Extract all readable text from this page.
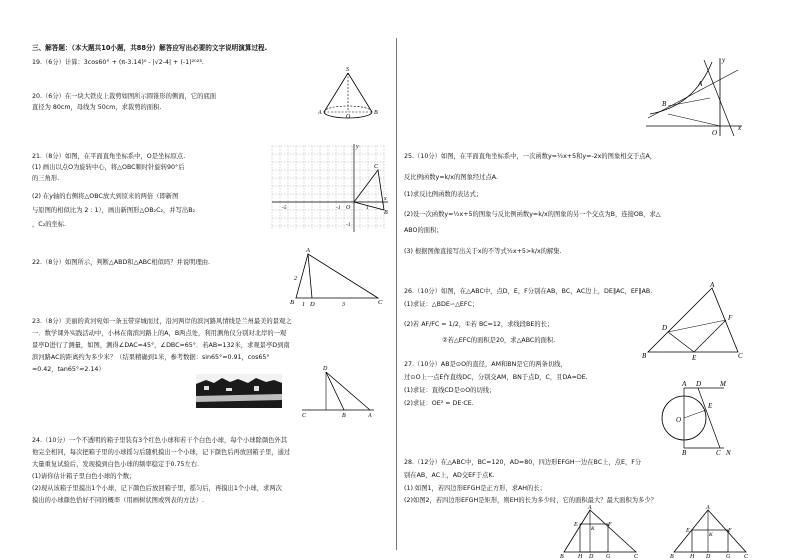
三、解答题：（本大题共10小题，共88分）解答应写出必要的文字说明演算过程.
19.（6分）计算：3cos60° + (π-3.14)⁰ - |√2-4| + (-1)²⁰²³.
20.（6分）在一块大铁皮上裁剪如图所示圆锥形的侧面，它的底面
直径为 80cm，母线为 50cm，求裁剪的面积.
S
A
O
B
21.（8分）如图，在平面直角坐标系中，O是坐标原点.
(1) 画出以点O为旋转中心，将△OBC顺时针旋转90°后
的三角形.
(2) 在y轴的右侧将△OBC放大到原来的两倍（即新图
与原图的相似比为 2 : 1），画出新图形△OB₂C₂，并写出B₂
，C₂的坐标.
y
x
C
B
O
-5	-1	1
-1
22.（8分）如图所示，判断△ABD和△ABC相似吗？并说明理由.
A
B D	C
2
1	3
23.（8分）美丽的黄河宛如一条玉带穿城而过，沿河两岸的滨河路风情线是兰州最美的景观之
一．数学课外实践活动中，小林在南滨河路上的A，B两点处，利用测角仪分别对北岸的一观
景亭D进行了测量，如图，测得∠DAC=45°，∠DBC=65°．若AB=132米，求观景亭D到南
滨河路AC的距离约为多少米？（结果精确到1米，参考数据：sin65°≈0.91，cos65°
≈0.42，tan65°≈2.14）	D
C	B	A
24.（10分）一个不透明的箱子里装有3个红色小球和若干个白色小球，每个小球除颜色外其
他完全相同，每次把箱子里的小球摇匀后随机摸出一个小球，记下颜色后再放回箱子里，通过
大量重复试验后，发现摸到白色小球的频率稳定于0.75左右.
(1)请你估计箱子里白色小球的个数；
(2)现从该箱子里摸出1个小球，记下颜色后放回箱子里，摇匀后，再摸出1个小球，求两次
摸出的小球颜色恰好不同的概率（用画树状图或列表的方法）.
y
A
B
O
x
25.（10分）如图，在平面直角坐标系中，一次函数y=½x+5和y=-2x的图象相交于点A，
反比例函数y=k/x的图象经过点A.
(1)求反比例函数的表达式；
(2)设一次函数y=½x+5的图象与反比例函数y=k/x的图象的另一个交点为B，连接OB，求△
ABO的面积；
(3) 根据图像直接写出关于x的不等式½x+5>k/x的解集.
26.（10分）如图，在△ABC中，点D，E，F分别在AB，BC，AC边上，DE∥AC，EF∥AB.
(1)求证：△BDE∽△EFC；
(2)若 AF/FC = 1/2，①若 BC=12，求线段BE的长；
②若△EFC的面积是20，求△ABC的面积.
A
D
F
B	E	C
27.（10分）AB是⊙O的直径，AM和BN是它的两条切线，
过⊙O上一点E作直线DC，分别交AM，BN于点D，C，且DA=DE.
(1)求证：直线CD是⊙O的切线；
(2)求证：OE² = DE·CE.
A D	M
O
E
B	C N
28.（12分）在△ABC中，BC=120，AD=80，四边形EFGH一边在BC上，点E，F分
别在AB，AC上，AD交EF于点K.
(1) 如图1，若四边形EFGH是正方形，求AH的长；
(2)如图2，若四边形EFGH是矩形，则EH的长为多少时，它的面积最大？最大面积为多少？
A
E	F
K
B H D G	C
A
E	F
K
B	H D	G C
